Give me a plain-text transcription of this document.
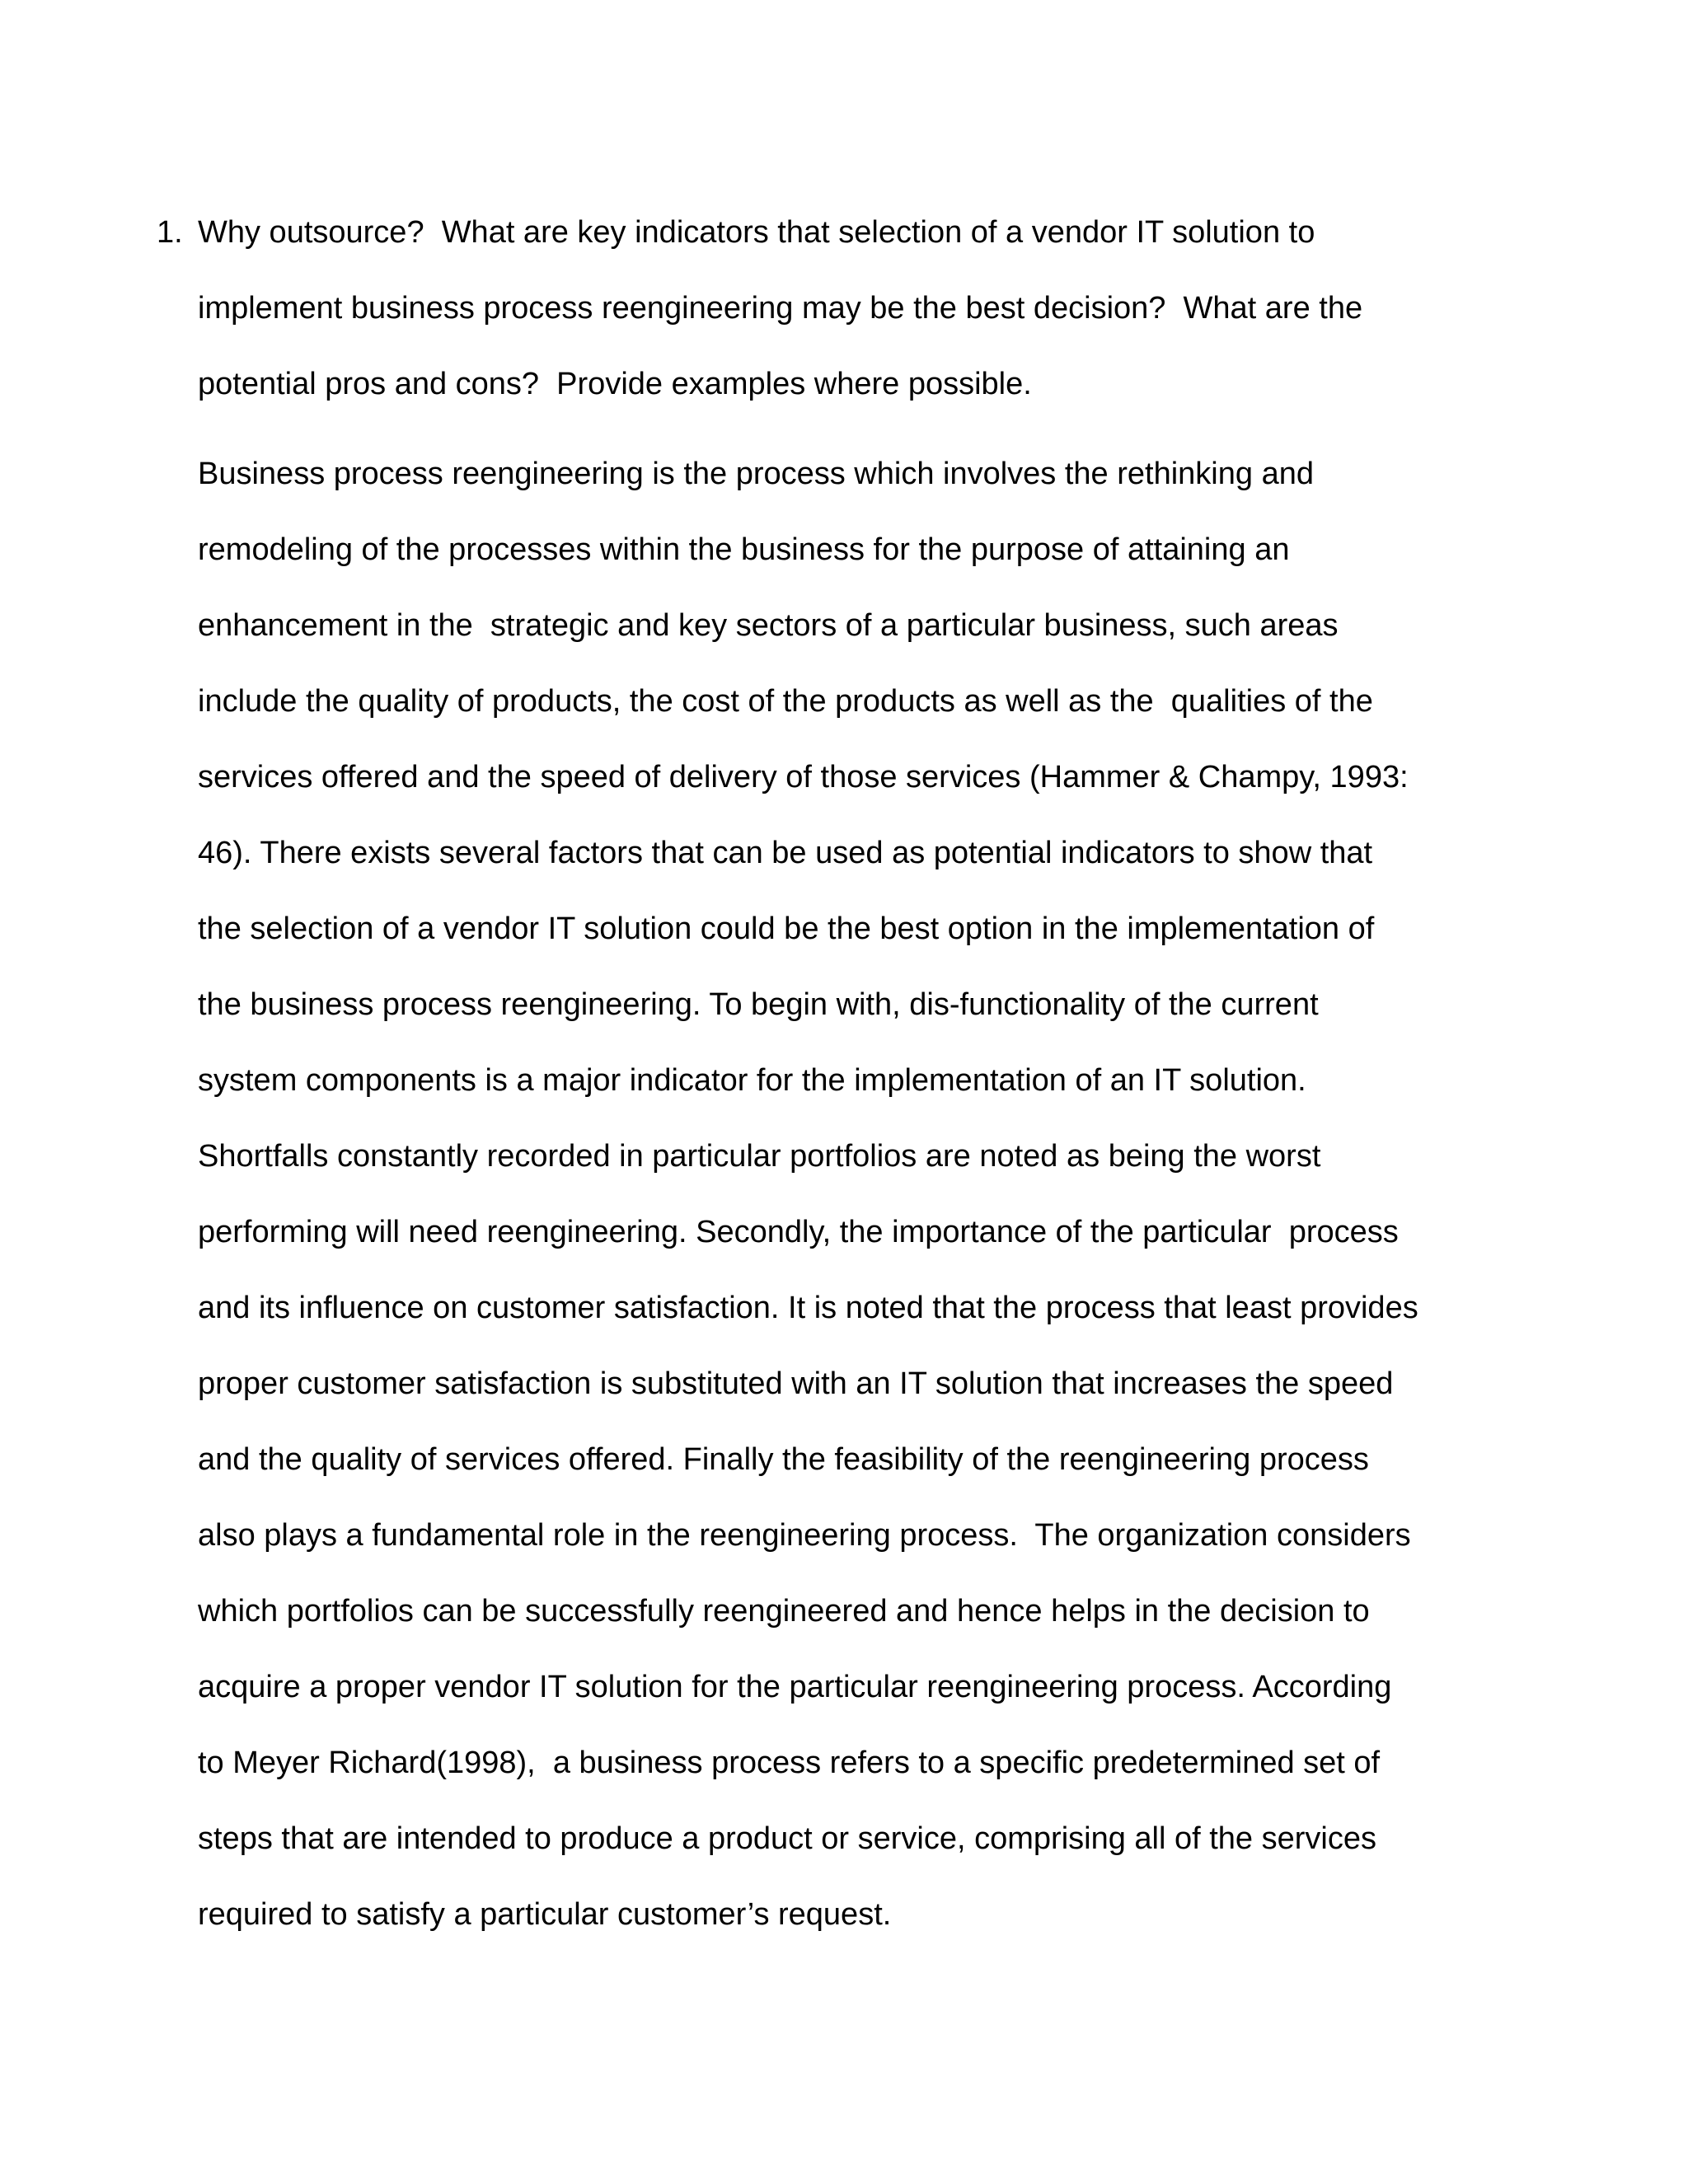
1. Why outsource?  What are key indicators that selection of a vendor IT solution to
implement business process reengineering may be the best decision?  What are the
potential pros and cons?  Provide examples where possible.
Business process reengineering is the process which involves the rethinking and
remodeling of the processes within the business for the purpose of attaining an
enhancement in the  strategic and key sectors of a particular business, such areas
include the quality of products, the cost of the products as well as the  qualities of the
services offered and the speed of delivery of those services (Hammer & Champy, 1993:
46). There exists several factors that can be used as potential indicators to show that
the selection of a vendor IT solution could be the best option in the implementation of
the business process reengineering. To begin with, dis-functionality of the current
system components is a major indicator for the implementation of an IT solution.
Shortfalls constantly recorded in particular portfolios are noted as being the worst
performing will need reengineering. Secondly, the importance of the particular  process
and its influence on customer satisfaction. It is noted that the process that least provides
proper customer satisfaction is substituted with an IT solution that increases the speed
and the quality of services offered. Finally the feasibility of the reengineering process
also plays a fundamental role in the reengineering process.  The organization considers
which portfolios can be successfully reengineered and hence helps in the decision to
acquire a proper vendor IT solution for the particular reengineering process. According
to Meyer Richard(1998),  a business process refers to a specific predetermined set of
steps that are intended to produce a product or service, comprising all of the services
required to satisfy a particular customer’s request.
